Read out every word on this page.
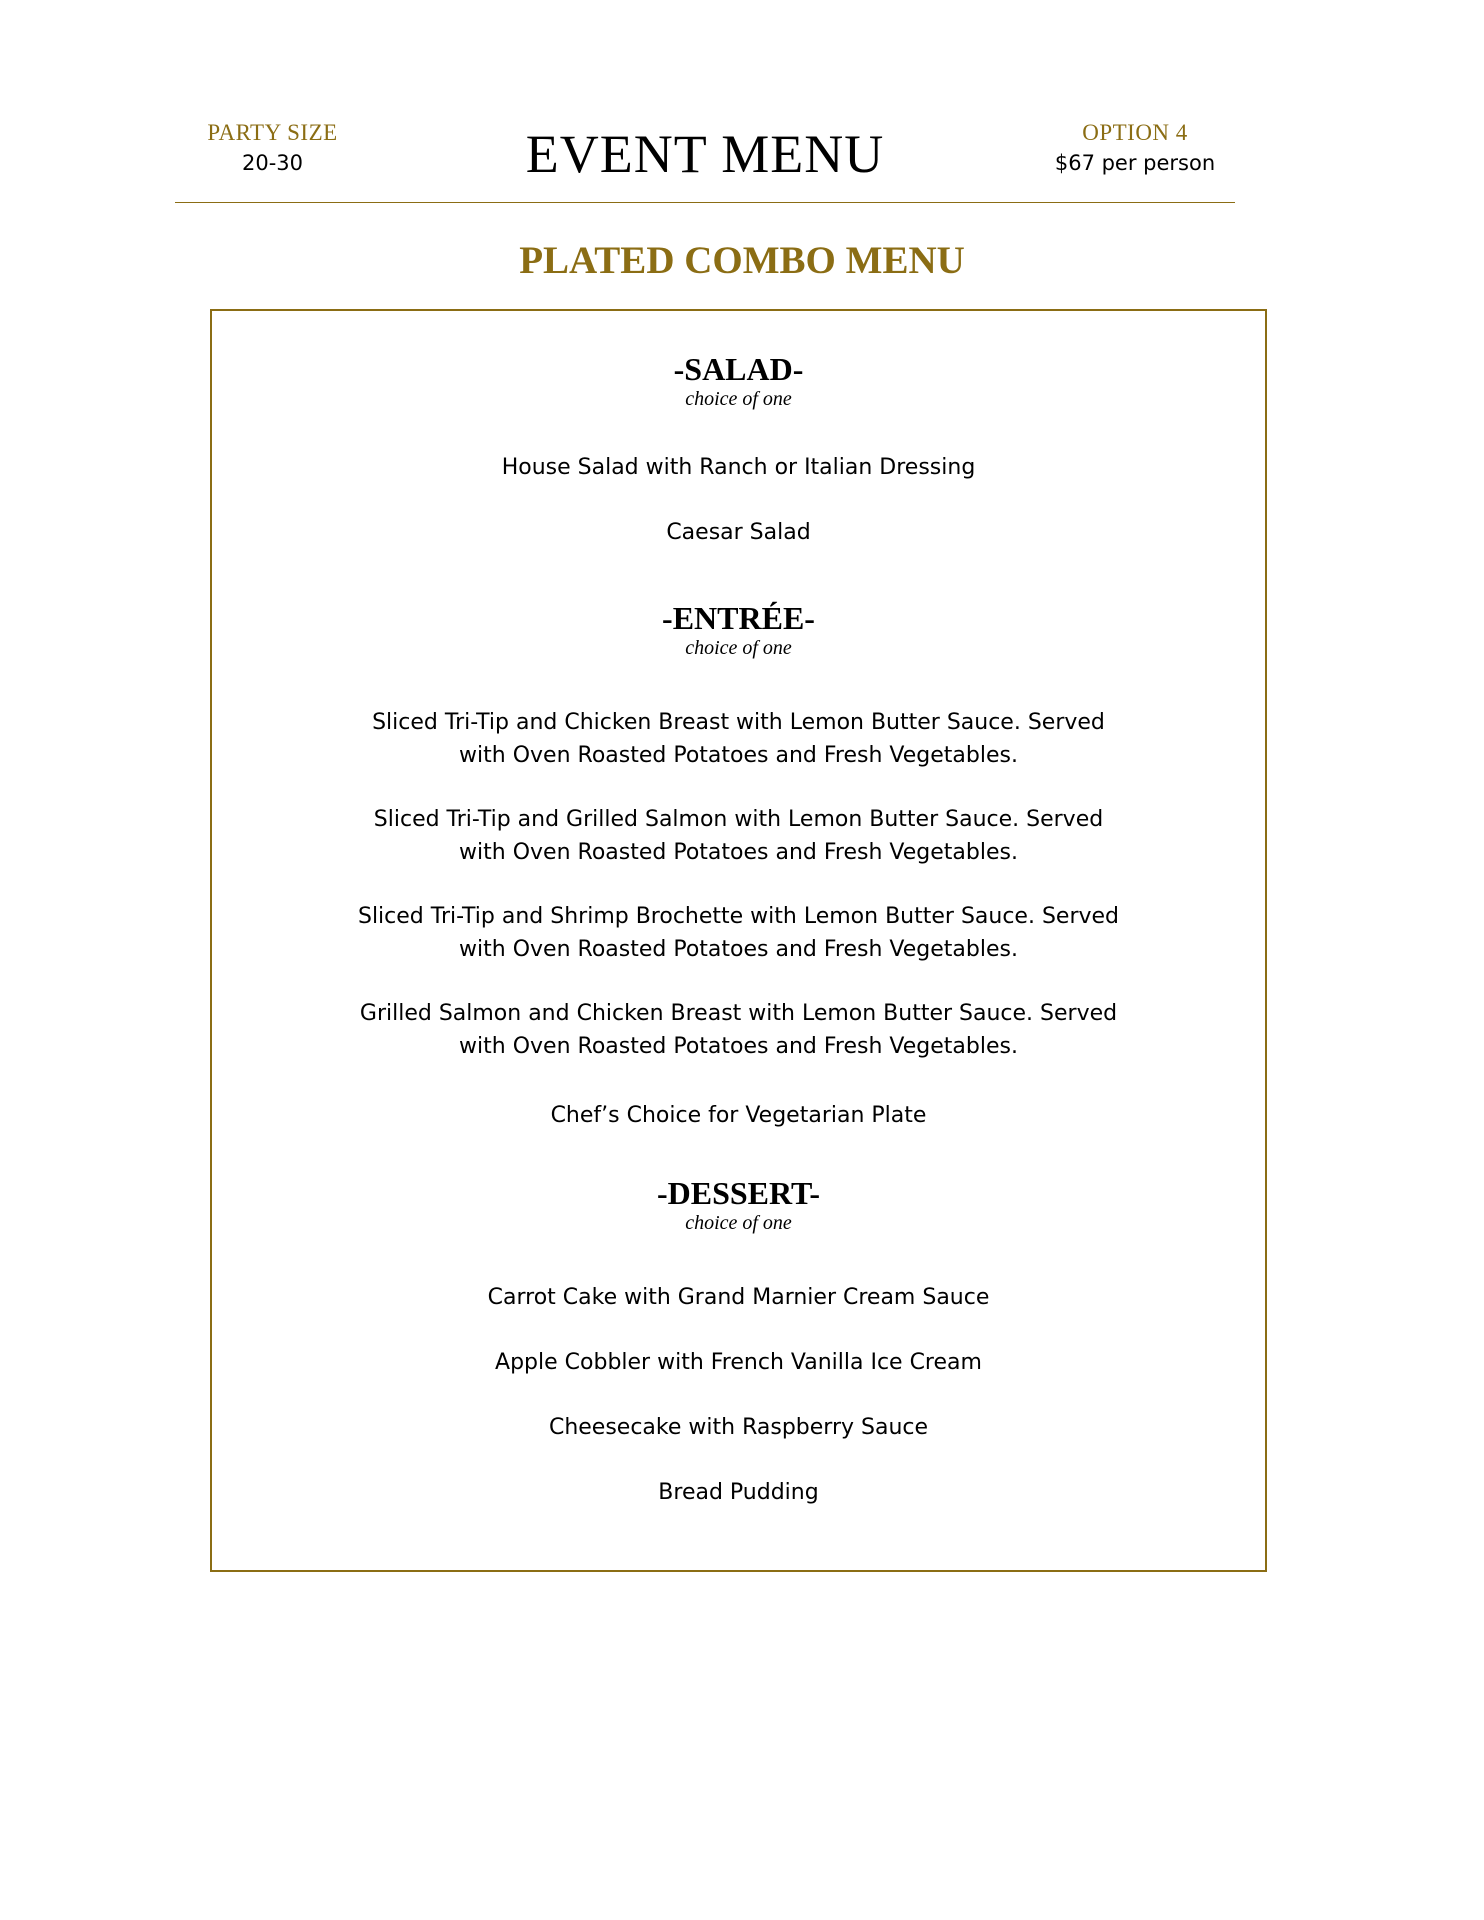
PARTY SIZE
20-30	EVENT MENU	OPTION 4
$67 per person
PLATED COMBO MENU
-SALAD-
choice of one
House Salad with Ranch or Italian Dressing
Caesar Salad
-ENTRÉE-
choice of one
Sliced Tri-Tip and Chicken Breast with Lemon Butter Sauce. Served with Oven Roasted Potatoes and Fresh Vegetables.
Sliced Tri-Tip and Grilled Salmon with Lemon Butter Sauce. Served with Oven Roasted Potatoes and Fresh Vegetables.
Sliced Tri-Tip and Shrimp Brochette with Lemon Butter Sauce. Served with Oven Roasted Potatoes and Fresh Vegetables.
Grilled Salmon and Chicken Breast with Lemon Butter Sauce. Served with Oven Roasted Potatoes and Fresh Vegetables.
Chef’s Choice for Vegetarian Plate
-DESSERT-
choice of one
Carrot Cake with Grand Marnier Cream Sauce
Apple Cobbler with French Vanilla Ice Cream
Cheesecake with Raspberry Sauce
Bread Pudding
